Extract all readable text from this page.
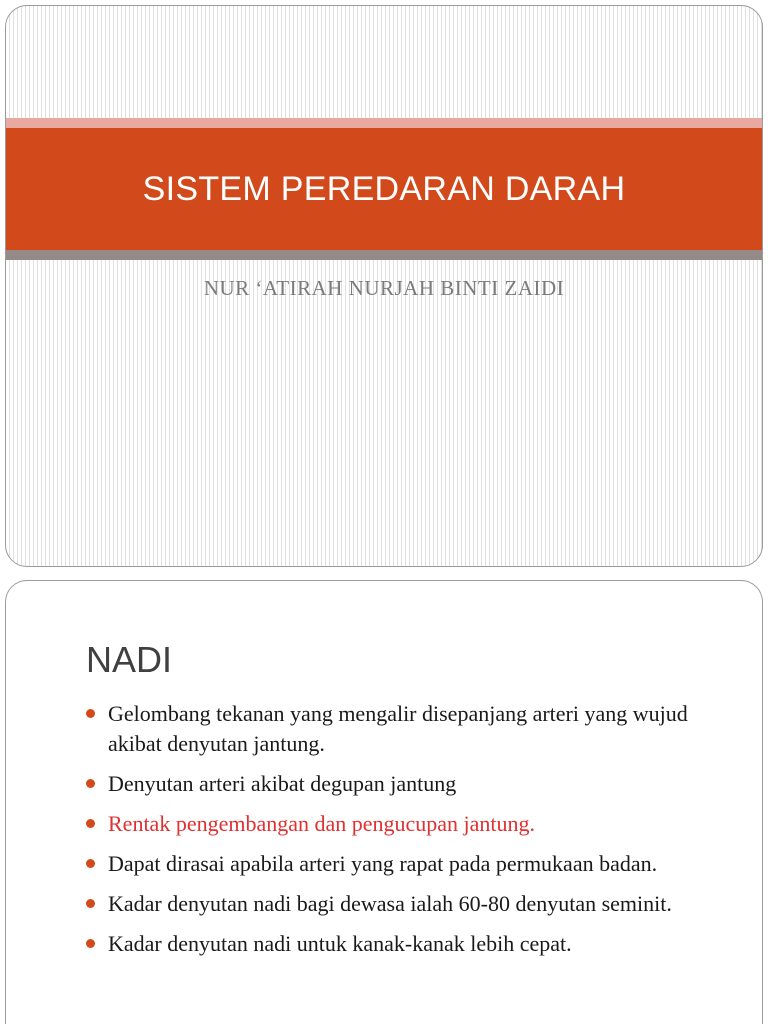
SISTEM PEREDARAN DARAH
NUR ‘ATIRAH NURJAH BINTI ZAIDI
NADI
Gelombang tekanan yang mengalir disepanjang arteri yang wujud akibat denyutan jantung.
Denyutan arteri akibat degupan jantung
Rentak pengembangan dan pengucupan jantung.
Dapat dirasai apabila arteri yang rapat pada permukaan badan.
Kadar denyutan nadi bagi dewasa ialah 60-80 denyutan seminit.
Kadar denyutan nadi untuk kanak-kanak lebih cepat.
